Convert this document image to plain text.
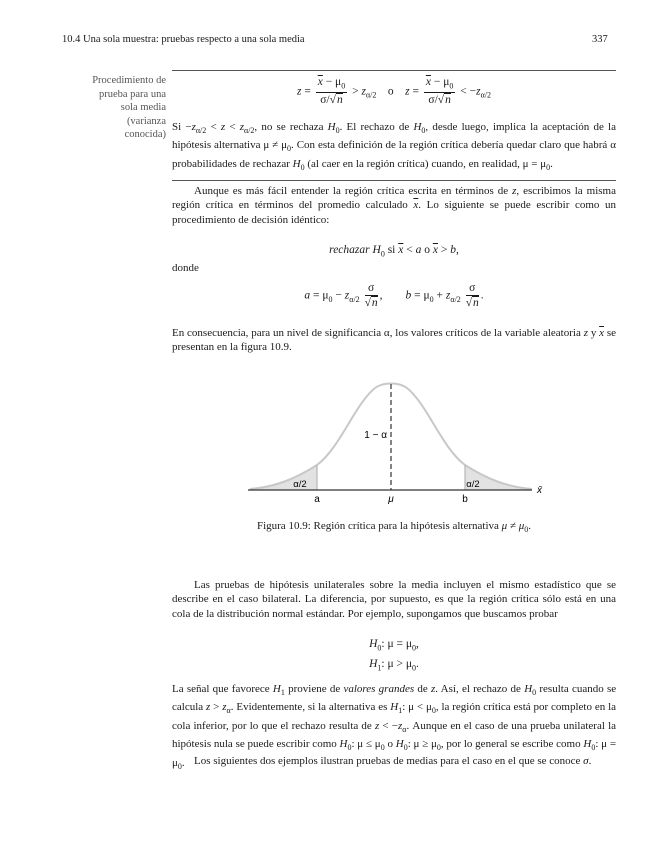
10.4 Una sola muestra: pruebas respecto a una sola media	337
Procedimiento de
prueba para una
sola media
(varianza
conocida)
$z = \frac{\overline{x} - \mu_0}{\sigma/√n} > z_{\alpha/2}$ o $z = \frac{\overline{x} - \mu_0}{\sigma/√n} < -z_{\alpha/2}$
$Si -z_{\alpha/2} < z < z_{\alpha/2}$, no se rechaza $H_0$. El rechazo de $H_0$, desde luego, implica la aceptación de la hipótesis alternativa $\mu \ne \mu_0$. Con esta definición de la región crítica debería quedar claro que habrá α probabilidades de rechazar $H_0$ (al caer en la región crítica) cuando, en realidad, $\mu = \mu_0$.
Aunque es más fácil entender la región crítica escrita en términos de z, escribimos la misma región crítica en términos del promedio calculado $\overline{x}$. Lo siguiente se puede escribir como un procedimiento de decisión idéntico:
rechazar $H_0$ si $\overline{x} < a$ o $\overline{x} > b$,
donde
$a = \mu_0 - z_{\alpha/2} \frac{\sigma}{√n}$ ,        $b = \mu_0 + z_{\alpha/2} \frac{\sigma}{√n}$ .
En consecuencia, para un nivel de significancia α, los valores críticos de la variable aleatoria z y $\overline{x}$ se presentan en la figura 10.9.
1 − α
α/2	α/2
a	μ	b
x̄
Figura 10.9: Región crítica para la hipótesis alternativa $\mu \ne \mu_0$.
Las pruebas de hipótesis unilaterales sobre la media incluyen el mismo estadístico que se describe en el caso bilateral. La diferencia, por supuesto, es que la región crítica sólo está en una cola de la distribución normal estándar. Por ejemplo, supongamos que buscamos probar
$H_0$: $\mu = \mu_0$,
$H_1$: $\mu > \mu_0$.
La señal que favorece $H_1$ proviene de valores grandes de z. Así, el rechazo de $H_0$ resulta cuando se calcula $z > z_\alpha$. Evidentemente, si la alternativa es $H_1$: $\mu < \mu_0$, la región crítica está por completo en la cola inferior, por lo que el rechazo resulta de $z < -z_\alpha$. Aunque en el caso de una prueba unilateral la hipótesis nula se puede escribir como $H_0$: $\mu \le \mu_0$ o $H_0$: $\mu \ge \mu_0$, por lo general se escribe como $H_0$: $\mu = \mu_0$. Los siguientes dos ejemplos ilustran pruebas de medias para el caso en el que se conoce σ.
